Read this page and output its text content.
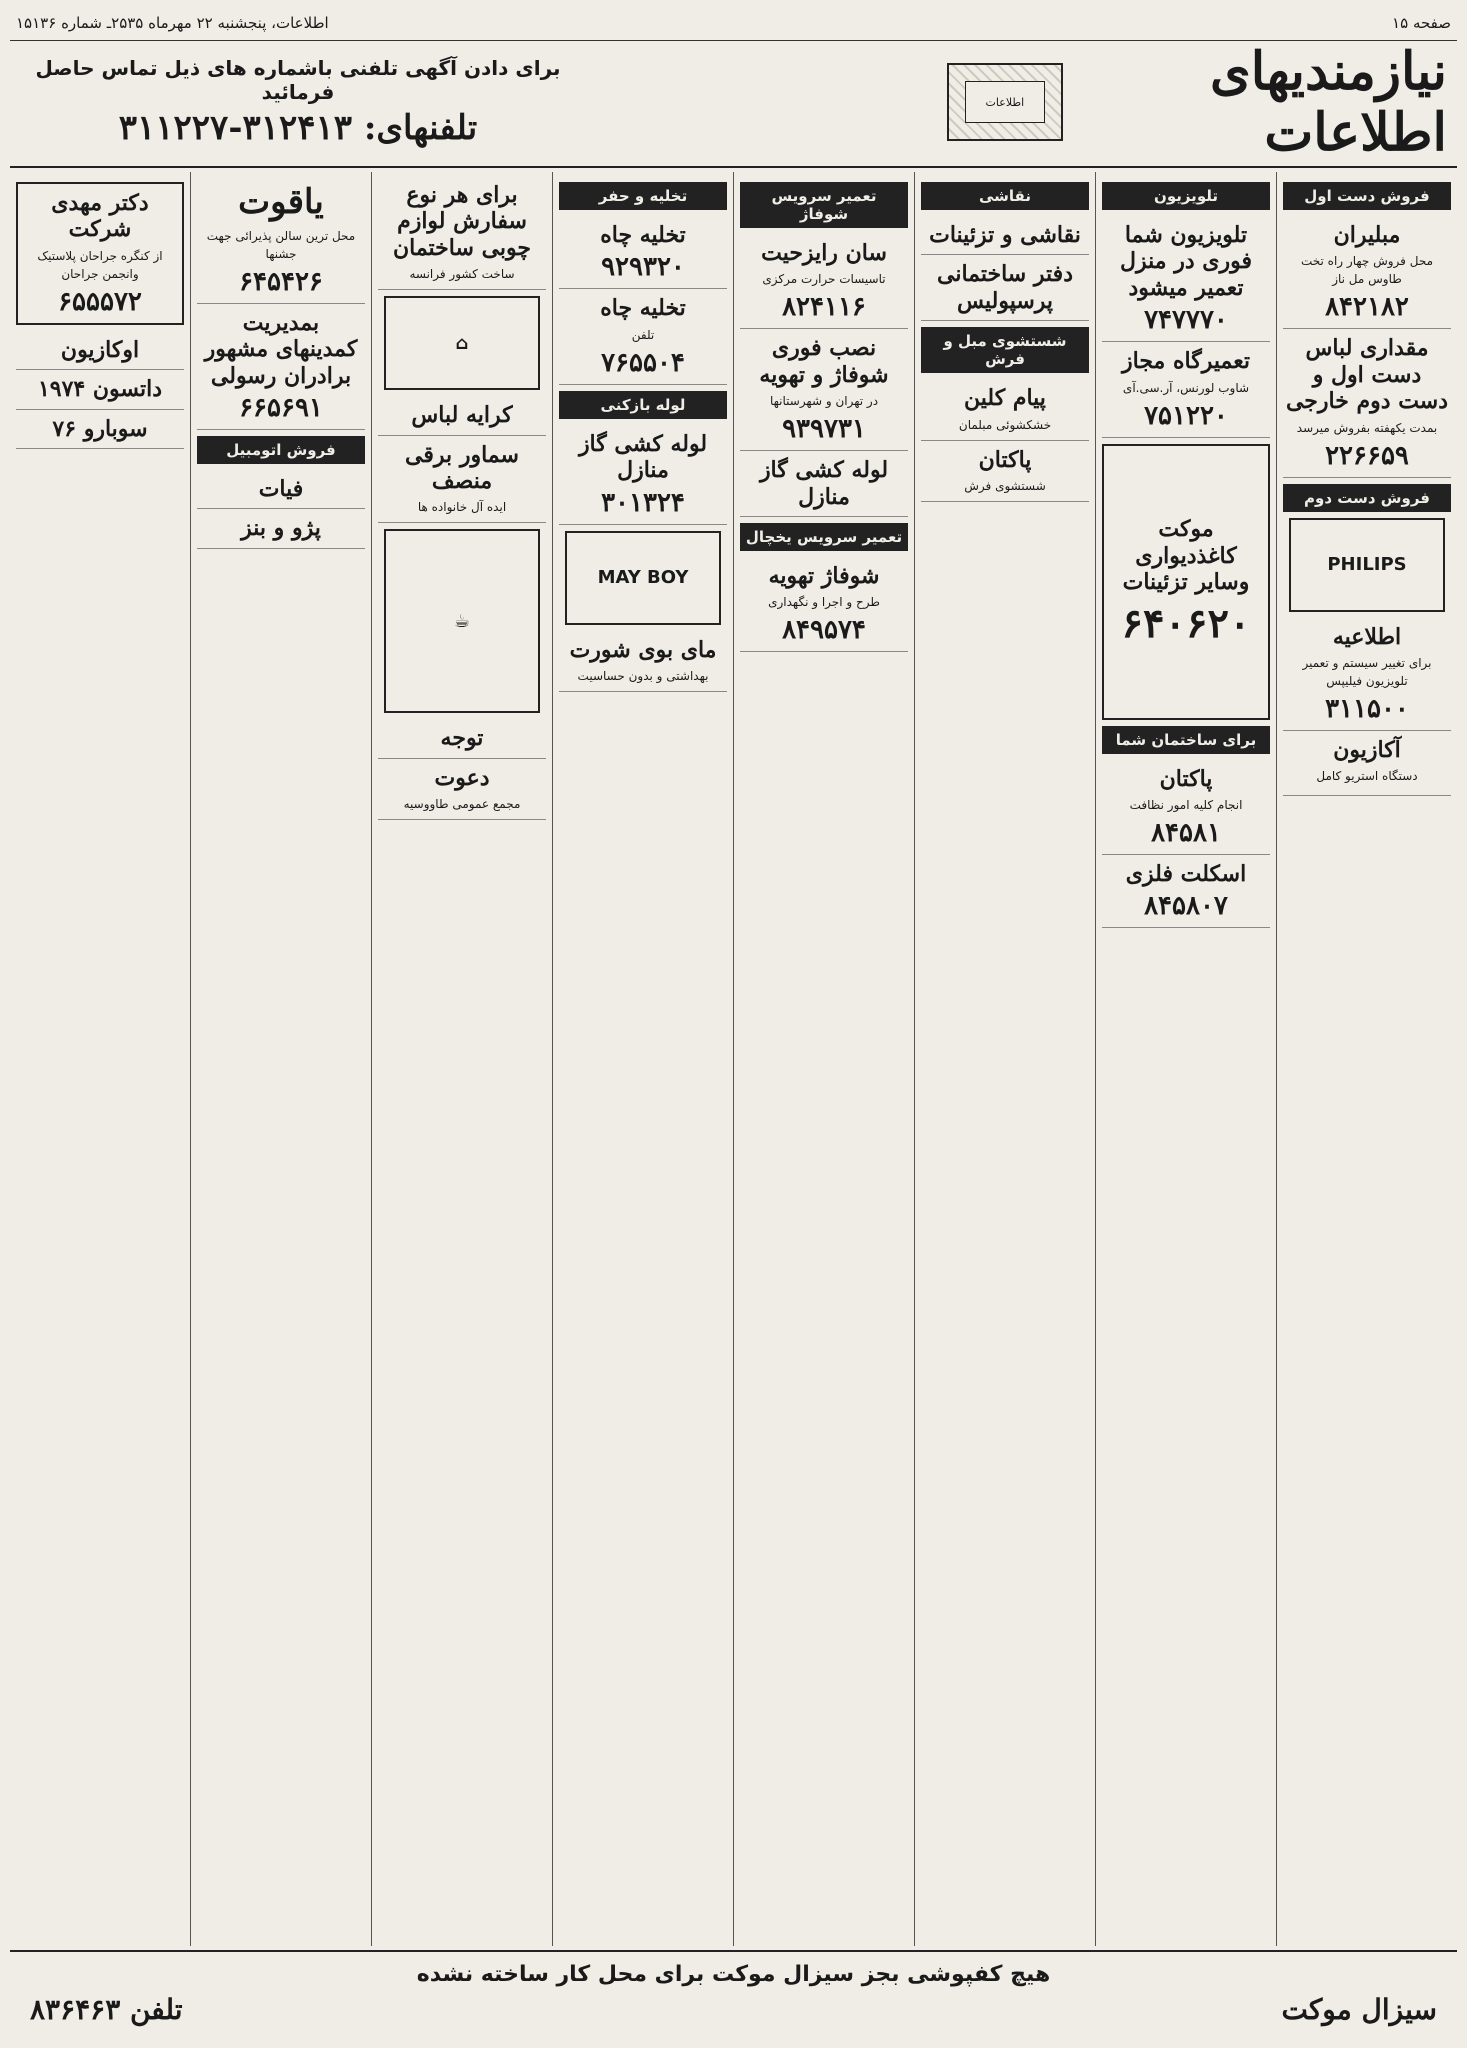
صفحه ۱۵
اطلاعات، پنجشنبه ۲۲ مهرماه ۲۵۳۵ـ شماره ۱۵۱۳۶
نیازمندیهای اطلاعات
اطلاعات
برای دادن آگهی تلفنی باشماره های ذیل تماس حاصل فرمائید
تلفنهای: ۳۱۲۴۱۳-۳۱۱۲۲۷
فروش دست اول
مبلیران
محل فروش چهار راه تخت طاوس مل ناز
۸۴۲۱۸۲
مقداری لباس دست اول و دست دوم خارجی
بمدت یکهفته بفروش میرسد
۲۲۶۶۵۹
فروش دست دوم
PHILIPS
اطلاعیه
برای تغییر سیستم و تعمیر تلویزیون فیلیپس
۳۱۱۵۰۰
آکازیون
دستگاه استریو کامل
تلویزیون
تلویزیون شما فوری در منزل تعمیر میشود
۷۴۷۷۷۰
تعمیرگاه مجاز
شاوب لورنس، آر.سی.آی
۷۵۱۲۲۰
موکت کاغذدیواری وسایر تزئینات
۶۴۰۶۲۰
برای ساختمان شما
پاکتان
انجام کلیه امور نظافت
۸۴۵۸۱
اسکلت فلزی
۸۴۵۸۰۷
نقاشی
نقاشی و تزئینات
دفتر ساختمانی پرسپولیس
شستشوی مبل و فرش
پیام کلین
خشکشوئی مبلمان
پاکتان
شستشوی فرش
تعمیر سرویس شوفاژ
سان رایزحیت
تاسیسات حرارت مرکزی
۸۲۴۱۱۶
نصب فوری شوفاژ و تهویه
در تهران و شهرستانها
۹۳۹۷۳۱
لوله کشی گاز منازل
تعمیر سرویس یخچال
شوفاژ تهویه
طرح و اجرا و نگهداری
۸۴۹۵۷۴
تخلیه و حفر
تخلیه چاه
۹۲۹۳۲۰
تخلیه چاه
تلفن
۷۶۵۵۰۴
لوله بازکنی
لوله کشی گاز منازل
۳۰۱۳۲۴
MAY BOY
مای بوی شورت
بهداشتی و بدون حساسیت
برای هر نوع سفارش لوازم چوبی ساختمان
ساخت کشور فرانسه
⌂
کرایه لباس
سماور برقی منصف
ایده آل خانواده ها
☕
توجه
دعوت
مجمع عمومی طاووسیه
یاقوت
محل ترین سالن پذیرائی جهت جشنها
۶۴۵۴۲۶
بمدیریت کمدینهای مشهور برادران رسولی
۶۶۵۶۹۱
فروش اتومبیل
فیات
پژو و بنز
دکتر مهدی شرکت
از کنگره جراحان پلاستیک وانجمن جراحان
۶۵۵۵۷۲
اوکازیون
داتسون ۱۹۷۴
سوبارو ۷۶
هیچ کفپوشی بجز سیزال موکت برای محل کار ساخته نشده
سیزال موکت
تلفن ۸۳۶۴۶۳
